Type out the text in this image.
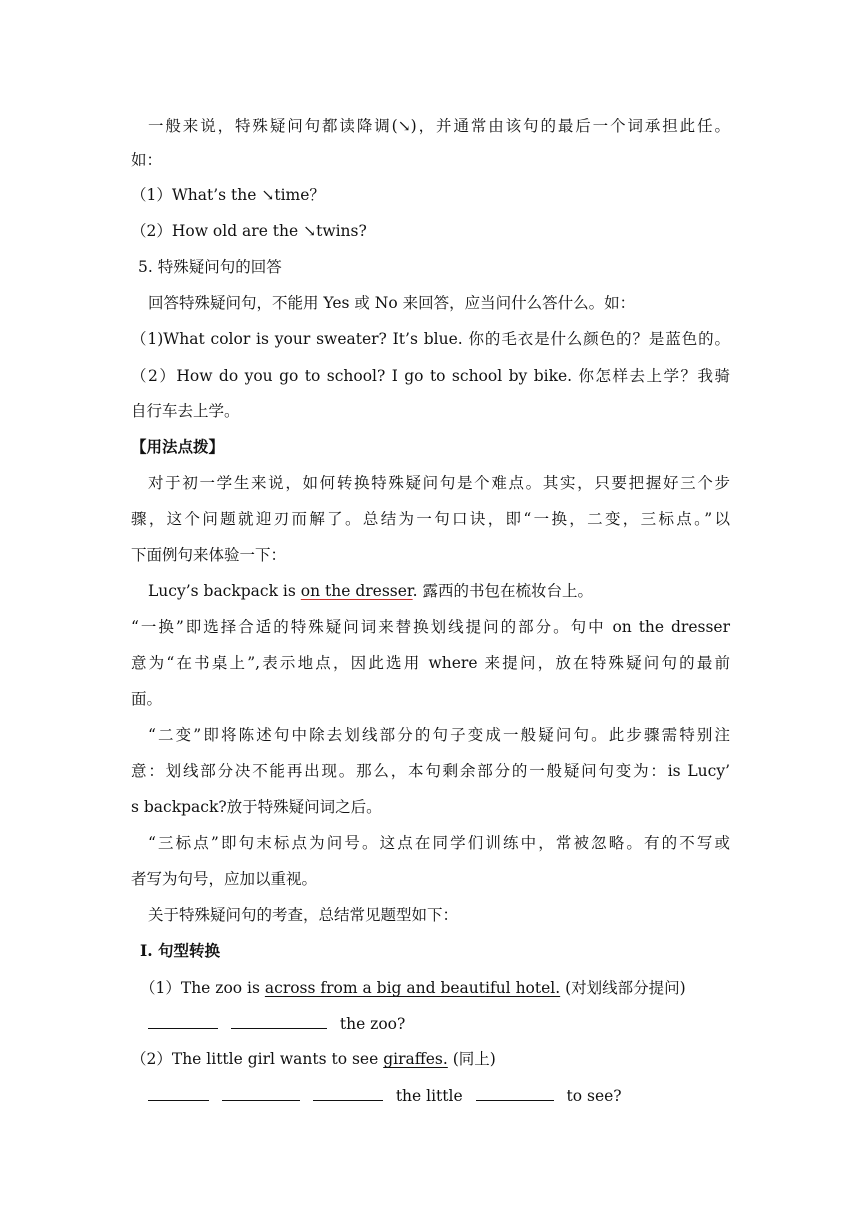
一般来说，特殊疑问句都读降调(↘)，并通常由该句的最后一个词承担此任。
如：
（1）What’s the ↘time？
（2）How old are the ↘twins?
5. 特殊疑问句的回答
回答特殊疑问句，不能用 Yes 或 No 来回答，应当问什么答什么。如：
（1)What color is your sweater? It’s blue. 你的毛衣是什么颜色的？是蓝色的。
（2）How do you go to school? I go to school by bike. 你怎样去上学？我骑
自行车去上学。
【用法点拨】
对于初一学生来说，如何转换特殊疑问句是个难点。其实，只要把握好三个步
骤，这个问题就迎刃而解了。总结为一句口诀，即“一换，二变，三标点。”以
下面例句来体验一下：
Lucy’s backpack is on the dresser. 露西的书包在梳妆台上。
“一换”即选择合适的特殊疑问词来替换划线提问的部分。句中 on the dresser
意为“在书桌上”,表示地点，因此选用 where 来提问，放在特殊疑问句的最前
面。
“二变”即将陈述句中除去划线部分的句子变成一般疑问句。此步骤需特别注
意：划线部分决不能再出现。那么，本句剩余部分的一般疑问句变为：is Lucy’
s backpack?放于特殊疑问词之后。
“三标点”即句末标点为问号。这点在同学们训练中，常被忽略。有的不写或
者写为句号，应加以重视。
关于特殊疑问句的考查，总结常见题型如下：
Ⅰ. 句型转换
（1）The zoo is across from a big and beautiful hotel. (对划线部分提问)
the zoo?
（2）The little girl wants to see giraffes. (同上)
the little	to see?
